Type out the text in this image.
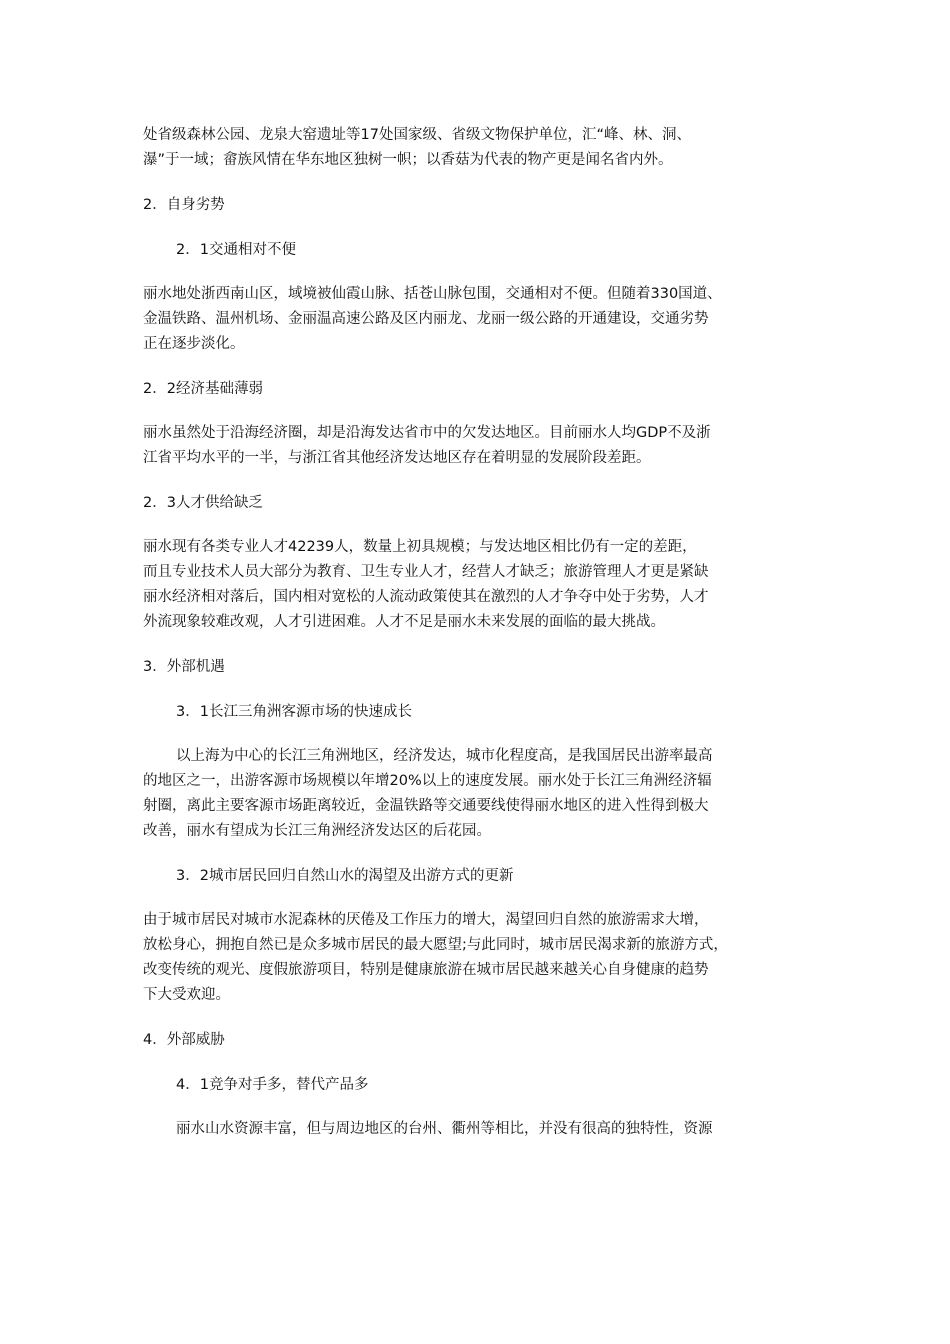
处省级森林公园、龙泉大窑遗址等17处国家级、省级文物保护单位，汇“峰、林、洞、
瀑”于一域；畲族风情在华东地区独树一帜；以香菇为代表的物产更是闻名省内外。
2．自身劣势
2．1交通相对不便
丽水地处浙西南山区，域境被仙霞山脉、括苍山脉包围，交通相对不便。但随着330国道、
金温铁路、温州机场、金丽温高速公路及区内丽龙、龙丽一级公路的开通建设，交通劣势
正在逐步淡化。
2．2经济基础薄弱
丽水虽然处于沿海经济圈，却是沿海发达省市中的欠发达地区。目前丽水人均GDP不及浙
江省平均水平的一半，与浙江省其他经济发达地区存在着明显的发展阶段差距。
2．3人才供给缺乏
丽水现有各类专业人才42239人，数量上初具规模；与发达地区相比仍有一定的差距，
而且专业技术人员大部分为教育、卫生专业人才，经营人才缺乏；旅游管理人才更是紧缺
丽水经济相对落后，国内相对宽松的人流动政策使其在激烈的人才争夺中处于劣势，人才
外流现象较难改观，人才引进困难。人才不足是丽水未来发展的面临的最大挑战。
3．外部机遇
3．1长江三角洲客源市场的快速成长
以上海为中心的长江三角洲地区，经济发达，城市化程度高，是我国居民出游率最高
的地区之一，出游客源市场规模以年增20%以上的速度发展。丽水处于长江三角洲经济辐
射圈，离此主要客源市场距离较近，金温铁路等交通要线使得丽水地区的进入性得到极大
改善，丽水有望成为长江三角洲经济发达区的后花园。
3．2城市居民回归自然山水的渴望及出游方式的更新
由于城市居民对城市水泥森林的厌倦及工作压力的增大，渴望回归自然的旅游需求大增，
放松身心，拥抱自然已是众多城市居民的最大愿望;与此同时，城市居民渴求新的旅游方式，
改变传统的观光、度假旅游项目，特别是健康旅游在城市居民越来越关心自身健康的趋势
下大受欢迎。
4．外部威胁
4．1竞争对手多，替代产品多
丽水山水资源丰富，但与周边地区的台州、衢州等相比，并没有很高的独特性，资源
